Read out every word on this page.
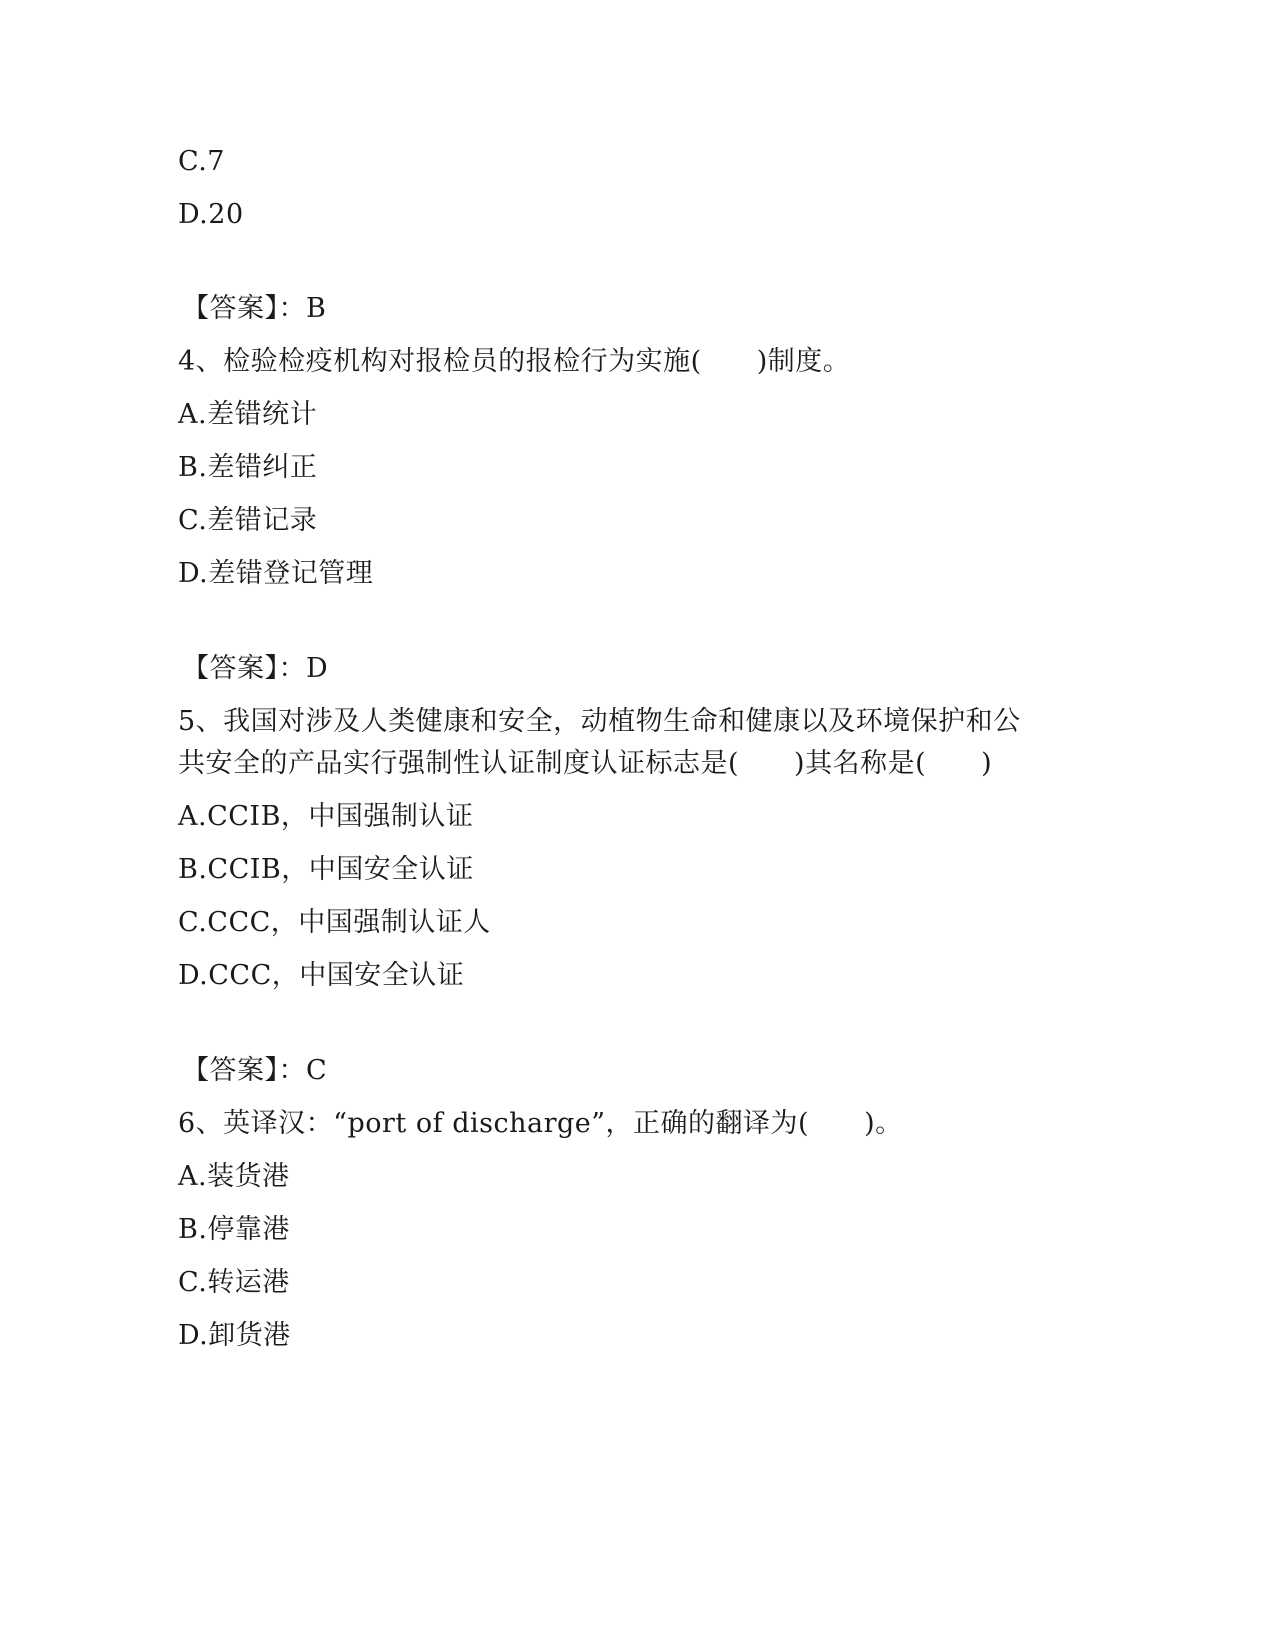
C.7
D.20
【答案】：B
4、检验检疫机构对报检员的报检行为实施(　　)制度。
A.差错统计
B.差错纠正
C.差错记录
D.差错登记管理
【答案】：D
5、我国对涉及人类健康和安全，动植物生命和健康以及环境保护和公
共安全的产品实行强制性认证制度认证标志是(　　)其名称是(　　)
A.CCIB，中国强制认证
B.CCIB，中国安全认证
C.CCC，中国强制认证人
D.CCC，中国安全认证
【答案】：C
6、英译汉：“port of discharge”，正确的翻译为(　　)。
A.装货港
B.停靠港
C.转运港
D.卸货港
